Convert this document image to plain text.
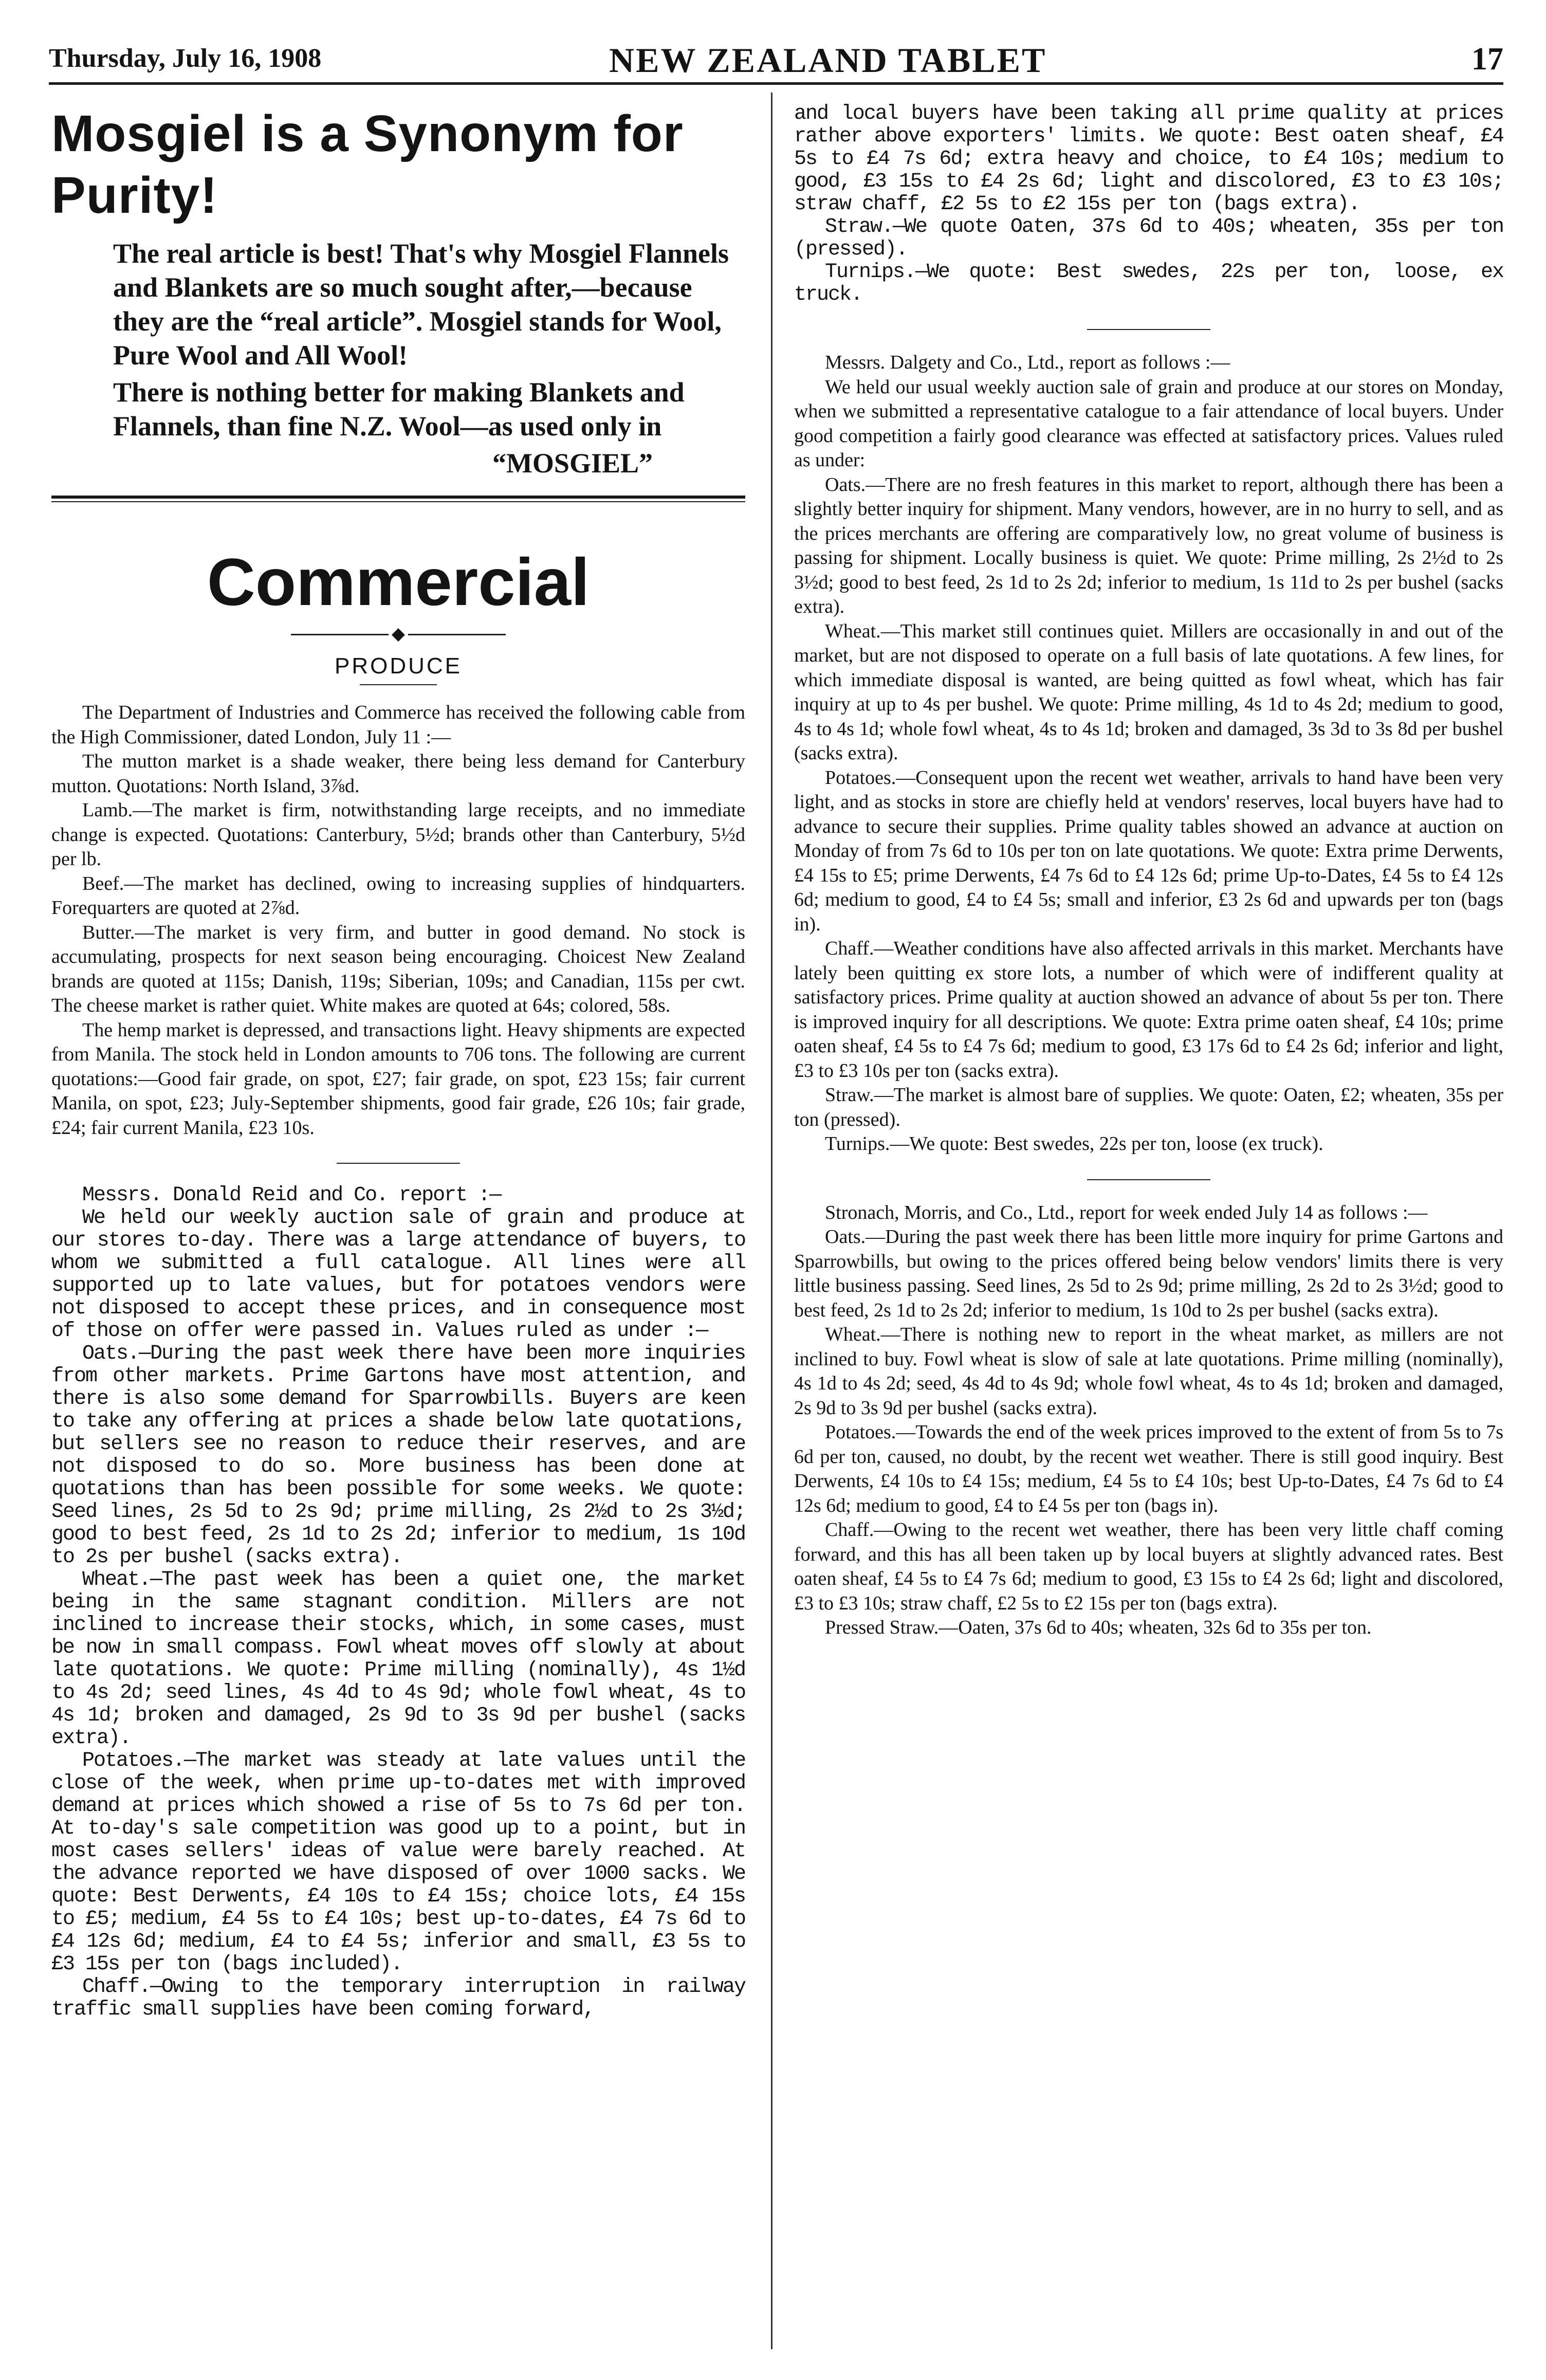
Thursday, July 16, 1908	NEW ZEALAND TABLET	17
Mosgiel is a Synonym for Purity!

The real article is best! That's why Mosgiel Flannels and Blankets are so much sought after,—because they are the “real article”. Mosgiel stands for Wool, Pure Wool and All Wool!

There is nothing better for making Blankets and Flannels, than fine N.Z. Wool—as used only in

“MOSGIEL”

Commercial
◆
PRODUCE

The Department of Industries and Commerce has received the following cable from the High Commissioner, dated London, July 11 :—

The mutton market is a shade weaker, there being less demand for Canterbury mutton. Quotations: North Island, 3⅞d.

Lamb.—The market is firm, notwithstanding large receipts, and no immediate change is expected. Quotations: Canterbury, 5½d; brands other than Canterbury, 5½d per lb.

Beef.—The market has declined, owing to increasing supplies of hindquarters. Forequarters are quoted at 2⅞d.

Butter.—The market is very firm, and butter in good demand. No stock is accumulating, prospects for next season being encouraging. Choicest New Zealand brands are quoted at 115s; Danish, 119s; Siberian, 109s; and Canadian, 115s per cwt. The cheese market is rather quiet. White makes are quoted at 64s; colored, 58s.

The hemp market is depressed, and transactions light. Heavy shipments are expected from Manila. The stock held in London amounts to 706 tons. The following are current quotations:—Good fair grade, on spot, £27; fair grade, on spot, £23 15s; fair current Manila, on spot, £23; July-September shipments, good fair grade, £26 10s; fair grade, £24; fair current Manila, £23 10s.

Messrs. Donald Reid and Co. report :—

We held our weekly auction sale of grain and produce at our stores to-day. There was a large attendance of buyers, to whom we submitted a full catalogue. All lines were all supported up to late values, but for potatoes vendors were not disposed to accept these prices, and in consequence most of those on offer were passed in. Values ruled as under :—

Oats.—During the past week there have been more inquiries from other markets. Prime Gartons have most attention, and there is also some demand for Sparrowbills. Buyers are keen to take any offering at prices a shade below late quotations, but sellers see no reason to reduce their reserves, and are not disposed to do so. More business has been done at quotations than has been possible for some weeks. We quote: Seed lines, 2s 5d to 2s 9d; prime milling, 2s 2½d to 2s 3½d; good to best feed, 2s 1d to 2s 2d; inferior to medium, 1s 10d to 2s per bushel (sacks extra).

Wheat.—The past week has been a quiet one, the market being in the same stagnant condition. Millers are not inclined to increase their stocks, which, in some cases, must be now in small compass. Fowl wheat moves off slowly at about late quotations. We quote: Prime milling (nominally), 4s 1½d to 4s 2d; seed lines, 4s 4d to 4s 9d; whole fowl wheat, 4s to 4s 1d; broken and damaged, 2s 9d to 3s 9d per bushel (sacks extra).

Potatoes.—The market was steady at late values until the close of the week, when prime up-to-dates met with improved demand at prices which showed a rise of 5s to 7s 6d per ton. At to-day's sale competition was good up to a point, but in most cases sellers' ideas of value were barely reached. At the advance reported we have disposed of over 1000 sacks. We quote: Best Derwents, £4 10s to £4 15s; choice lots, £4 15s to £5; medium, £4 5s to £4 10s; best up-to-dates, £4 7s 6d to £4 12s 6d; medium, £4 to £4 5s; inferior and small, £3 5s to £3 15s per ton (bags included).

Chaff.—Owing to the temporary interruption in railway traffic small supplies have been coming forward,

and local buyers have been taking all prime quality at prices rather above exporters' limits. We quote: Best oaten sheaf, £4 5s to £4 7s 6d; extra heavy and choice, to £4 10s; medium to good, £3 15s to £4 2s 6d; light and discolored, £3 to £3 10s; straw chaff, £2 5s to £2 15s per ton (bags extra).

Straw.—We quote Oaten, 37s 6d to 40s; wheaten, 35s per ton (pressed).

Turnips.—We quote: Best swedes, 22s per ton, loose, ex truck.

Messrs. Dalgety and Co., Ltd., report as follows :—

We held our usual weekly auction sale of grain and produce at our stores on Monday, when we submitted a representative catalogue to a fair attendance of local buyers. Under good competition a fairly good clearance was effected at satisfactory prices. Values ruled as under:

Oats.—There are no fresh features in this market to report, although there has been a slightly better inquiry for shipment. Many vendors, however, are in no hurry to sell, and as the prices merchants are offering are comparatively low, no great volume of business is passing for shipment. Locally business is quiet. We quote: Prime milling, 2s 2½d to 2s 3½d; good to best feed, 2s 1d to 2s 2d; inferior to medium, 1s 11d to 2s per bushel (sacks extra).

Wheat.—This market still continues quiet. Millers are occasionally in and out of the market, but are not disposed to operate on a full basis of late quotations. A few lines, for which immediate disposal is wanted, are being quitted as fowl wheat, which has fair inquiry at up to 4s per bushel. We quote: Prime milling, 4s 1d to 4s 2d; medium to good, 4s to 4s 1d; whole fowl wheat, 4s to 4s 1d; broken and damaged, 3s 3d to 3s 8d per bushel (sacks extra).

Potatoes.—Consequent upon the recent wet weather, arrivals to hand have been very light, and as stocks in store are chiefly held at vendors' reserves, local buyers have had to advance to secure their supplies. Prime quality tables showed an advance at auction on Monday of from 7s 6d to 10s per ton on late quotations. We quote: Extra prime Derwents, £4 15s to £5; prime Derwents, £4 7s 6d to £4 12s 6d; prime Up-to-Dates, £4 5s to £4 12s 6d; medium to good, £4 to £4 5s; small and inferior, £3 2s 6d and upwards per ton (bags in).

Chaff.—Weather conditions have also affected arrivals in this market. Merchants have lately been quitting ex store lots, a number of which were of indifferent quality at satisfactory prices. Prime quality at auction showed an advance of about 5s per ton. There is improved inquiry for all descriptions. We quote: Extra prime oaten sheaf, £4 10s; prime oaten sheaf, £4 5s to £4 7s 6d; medium to good, £3 17s 6d to £4 2s 6d; inferior and light, £3 to £3 10s per ton (sacks extra).

Straw.—The market is almost bare of supplies. We quote: Oaten, £2; wheaten, 35s per ton (pressed).

Turnips.—We quote: Best swedes, 22s per ton, loose (ex truck).

Stronach, Morris, and Co., Ltd., report for week ended July 14 as follows :—

Oats.—During the past week there has been little more inquiry for prime Gartons and Sparrowbills, but owing to the prices offered being below vendors' limits there is very little business passing. Seed lines, 2s 5d to 2s 9d; prime milling, 2s 2d to 2s 3½d; good to best feed, 2s 1d to 2s 2d; inferior to medium, 1s 10d to 2s per bushel (sacks extra).

Wheat.—There is nothing new to report in the wheat market, as millers are not inclined to buy. Fowl wheat is slow of sale at late quotations. Prime milling (nominally), 4s 1d to 4s 2d; seed, 4s 4d to 4s 9d; whole fowl wheat, 4s to 4s 1d; broken and damaged, 2s 9d to 3s 9d per bushel (sacks extra).

Potatoes.—Towards the end of the week prices improved to the extent of from 5s to 7s 6d per ton, caused, no doubt, by the recent wet weather. There is still good inquiry. Best Derwents, £4 10s to £4 15s; medium, £4 5s to £4 10s; best Up-to-Dates, £4 7s 6d to £4 12s 6d; medium to good, £4 to £4 5s per ton (bags in).

Chaff.—Owing to the recent wet weather, there has been very little chaff coming forward, and this has all been taken up by local buyers at slightly advanced rates. Best oaten sheaf, £4 5s to £4 7s 6d; medium to good, £3 15s to £4 2s 6d; light and discolored, £3 to £3 10s; straw chaff, £2 5s to £2 15s per ton (bags extra).

Pressed Straw.—Oaten, 37s 6d to 40s; wheaten, 32s 6d to 35s per ton.
